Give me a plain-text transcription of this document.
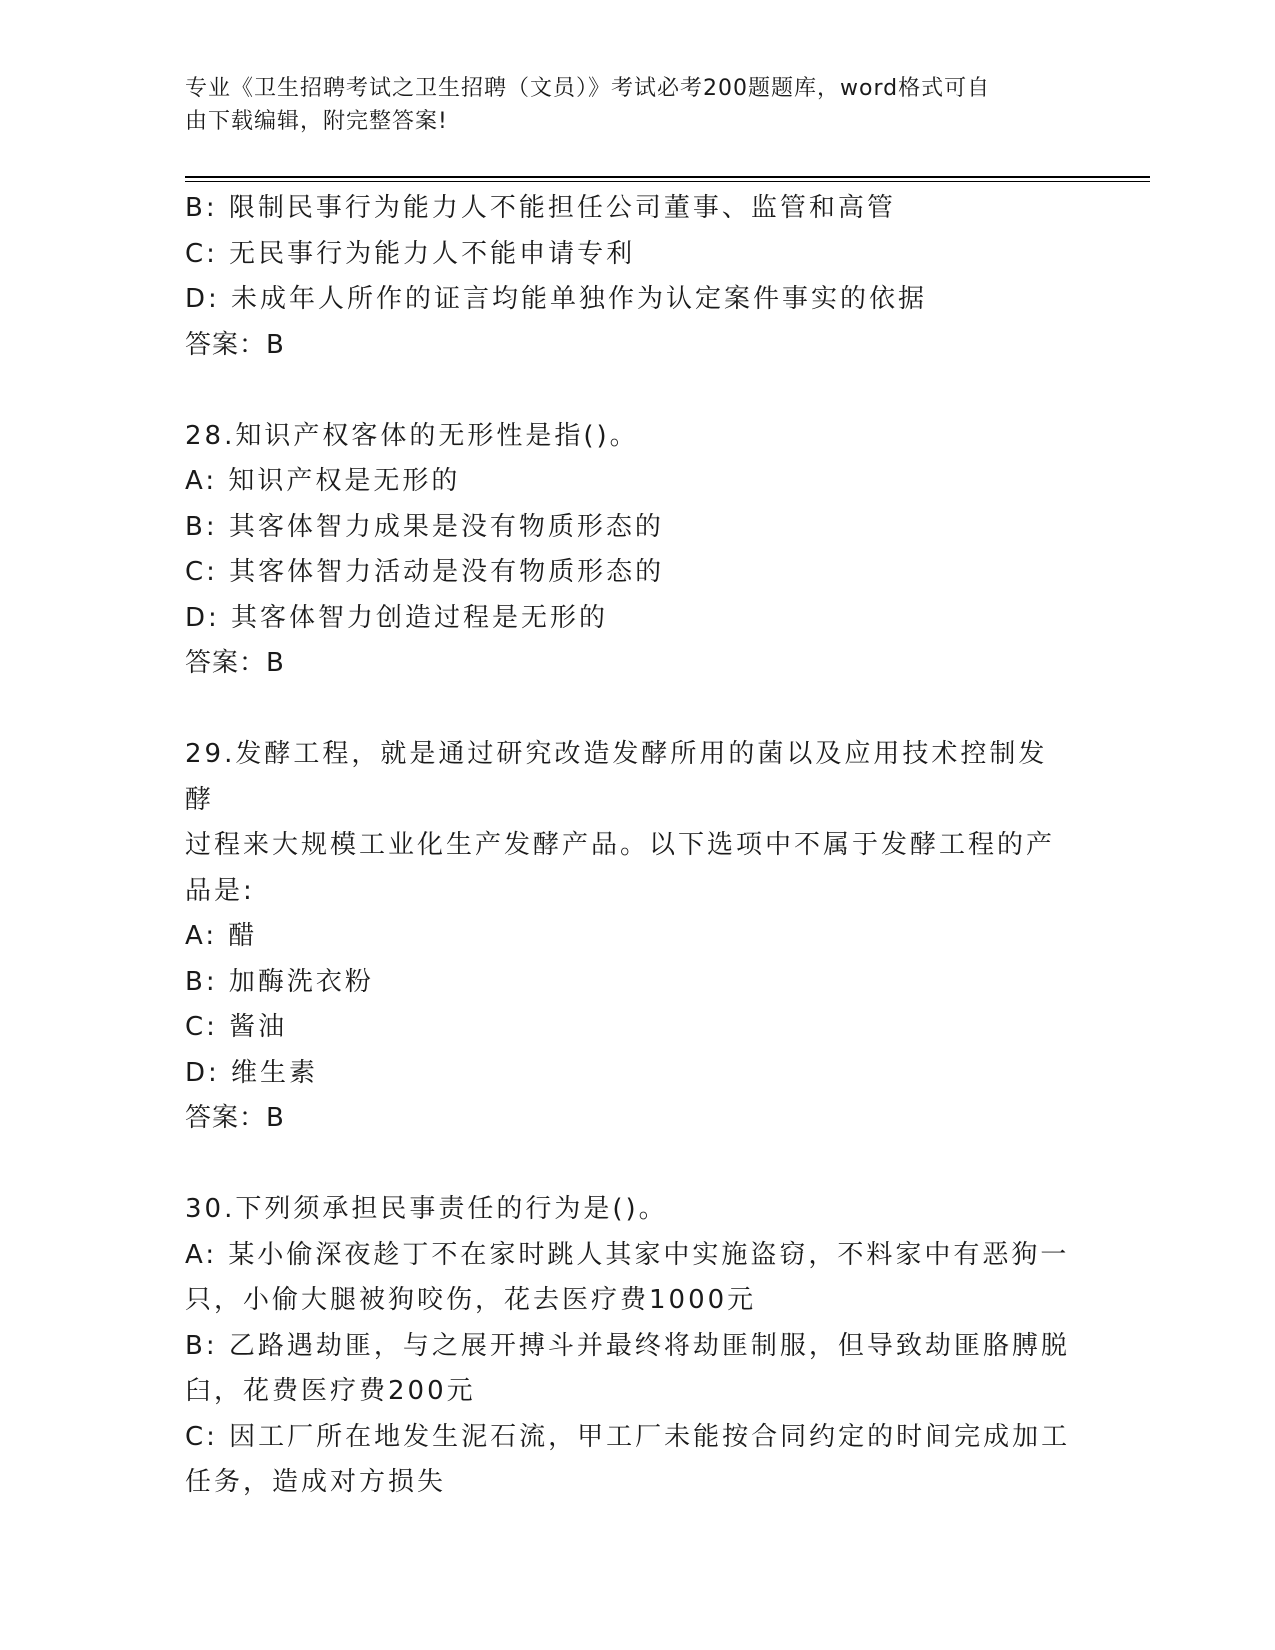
专业《卫生招聘考试之卫生招聘（文员）》考试必考200题题库，word格式可自
由下载编辑，附完整答案!

B: 限制民事行为能力人不能担任公司董事、监管和高管

C: 无民事行为能力人不能申请专利

D: 未成年人所作的证言均能单独作为认定案件事实的依据

答案：B

28.知识产权客体的无形性是指()。

A: 知识产权是无形的

B: 其客体智力成果是没有物质形态的

C: 其客体智力活动是没有物质形态的

D: 其客体智力创造过程是无形的

答案：B

29.发酵工程，就是通过研究改造发酵所用的菌以及应用技术控制发酵

过程来大规模工业化生产发酵产品。以下选项中不属于发酵工程的产

品是:

A: 醋

B: 加酶洗衣粉

C: 酱油

D: 维生素

答案：B

30.下列须承担民事责任的行为是()。

A: 某小偷深夜趁丁不在家时跳人其家中实施盗窃，不料家中有恶狗一

只，小偷大腿被狗咬伤，花去医疗费1000元

B: 乙路遇劫匪，与之展开搏斗并最终将劫匪制服，但导致劫匪胳膊脱

臼，花费医疗费200元

C: 因工厂所在地发生泥石流，甲工厂未能按合同约定的时间完成加工

任务，造成对方损失
